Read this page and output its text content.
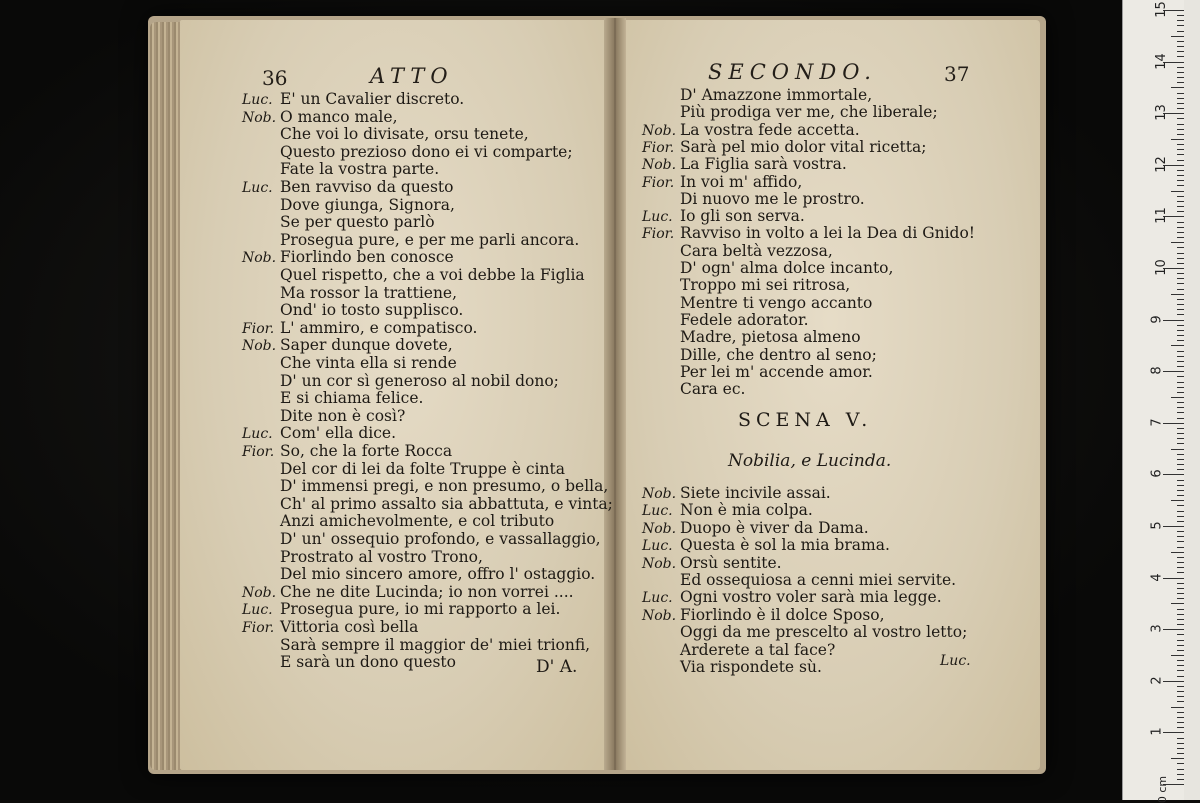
36	ATTO	SECONDO.	37
Luc. E' un Cavalier discreto.
Nob. O manco male,
Che voi lo divisate, orsu tenete,
Questo prezioso dono ei vi comparte;
Fate la vostra parte.
Luc. Ben ravviso da questo
Dove giunga, Signora,
Se per questo parlò
Prosegua pure, e per me parli ancora.
Nob. Fiorlindo ben conosce
Quel rispetto, che a voi debbe la Figlia
Ma rossor la trattiene,
Ond' io tosto supplisco.
Fior. L' ammiro, e compatisco.
Nob. Saper dunque dovete,
Che vinta ella si rende
D' un cor sì generoso al nobil dono;
E si chiama felice.
Dite non è così?
Luc. Com' ella dice.
Fior. So, che la forte Rocca
Del cor di lei da folte Truppe è cinta
D' immensi pregi, e non presumo, o bella,
Ch' al primo assalto sia abbattuta, e vinta;
Anzi amichevolmente, e col tributo
D' un' ossequio profondo, e vassallaggio,
Prostrato al vostro Trono,
Del mio sincero amore, offro l' ostaggio.
Nob. Che ne dite Lucinda; io non vorrei ....
Luc. Prosegua pure, io mi rapporto a lei.
Fior. Vittoria così bella
Sarà sempre il maggior de' miei trionfi,
E sarà un dono questo	D' A.
D' Amazzone immortale,
Più prodiga ver me, che liberale;
Nob. La vostra fede accetta.
Fior. Sarà pel mio dolor vital ricetta;
Nob. La Figlia sarà vostra.
Fior. In voi m' affido,
Di nuovo me le prostro.
Luc. Io gli son serva.
Fior. Ravviso in volto a lei la Dea di Gnido!
Cara beltà vezzosa,
D' ogn' alma dolce incanto,
Troppo mi sei ritrosa,
Mentre ti vengo accanto
Fedele adorator.
Madre, pietosa almeno
Dille, che dentro al seno;
Per lei m' accende amor.
Cara ec.
SCENA V.
Nobilia, e Lucinda.
Nob. Siete incivile assai.
Luc. Non è mia colpa.
Nob. Duopo è viver da Dama.
Luc. Questa è sol la mia brama.
Nob. Orsù sentite.
Ed ossequiosa a cenni miei servite.
Luc. Ogni vostro voler sarà mia legge.
Nob. Fiorlindo è il dolce Sposo,
Oggi da me prescelto al vostro letto;
Arderete a tal face?
Via rispondete sù.	Luc.
15
14
13
12
11
10
9
8
7
6
5
4
3
2
1
0 cm
